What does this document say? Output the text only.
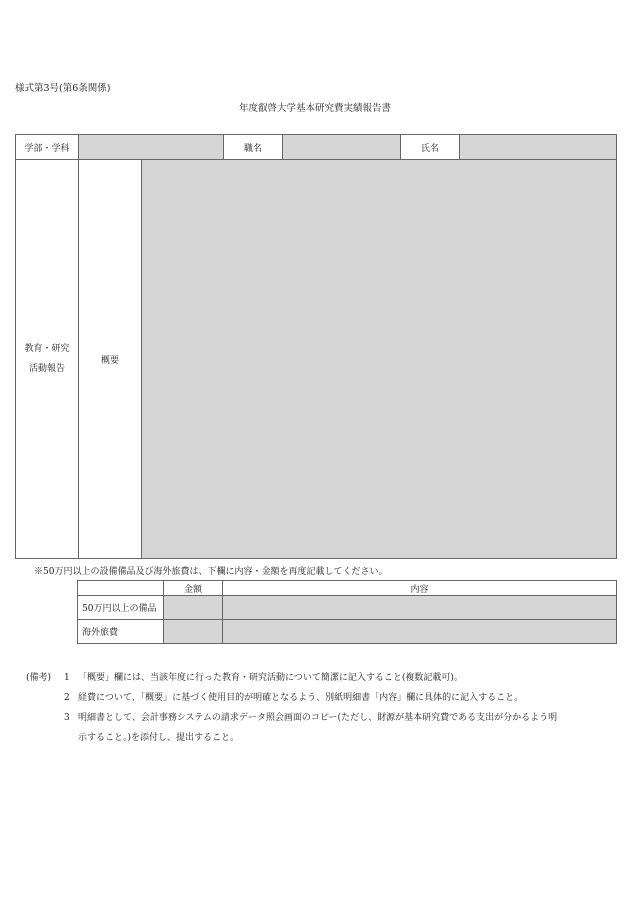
様式第3号(第6条関係)
年度叡啓大学基本研究費実績報告書
学部・学科			職名		氏名	

教育・研究
活動報告	概要					
※50万円以上の設備備品及び海外旅費は、下欄に内容・金額を再度記載してください。
	金額	内容
50万円以上の備品		
海外旅費		
(備考) 1 「概要」欄には、当該年度に行った教育・研究活動について簡潔に記入すること(複数記載可)。
2 経費について、「概要」に基づく使用目的が明確となるよう、別紙明細書「内容」欄に具体的に記入すること。
3 明細書として、会計事務システムの請求データ照会画面のコピー(ただし、財源が基本研究費である支出が分かるよう明
示すること。)を添付し、提出すること。
